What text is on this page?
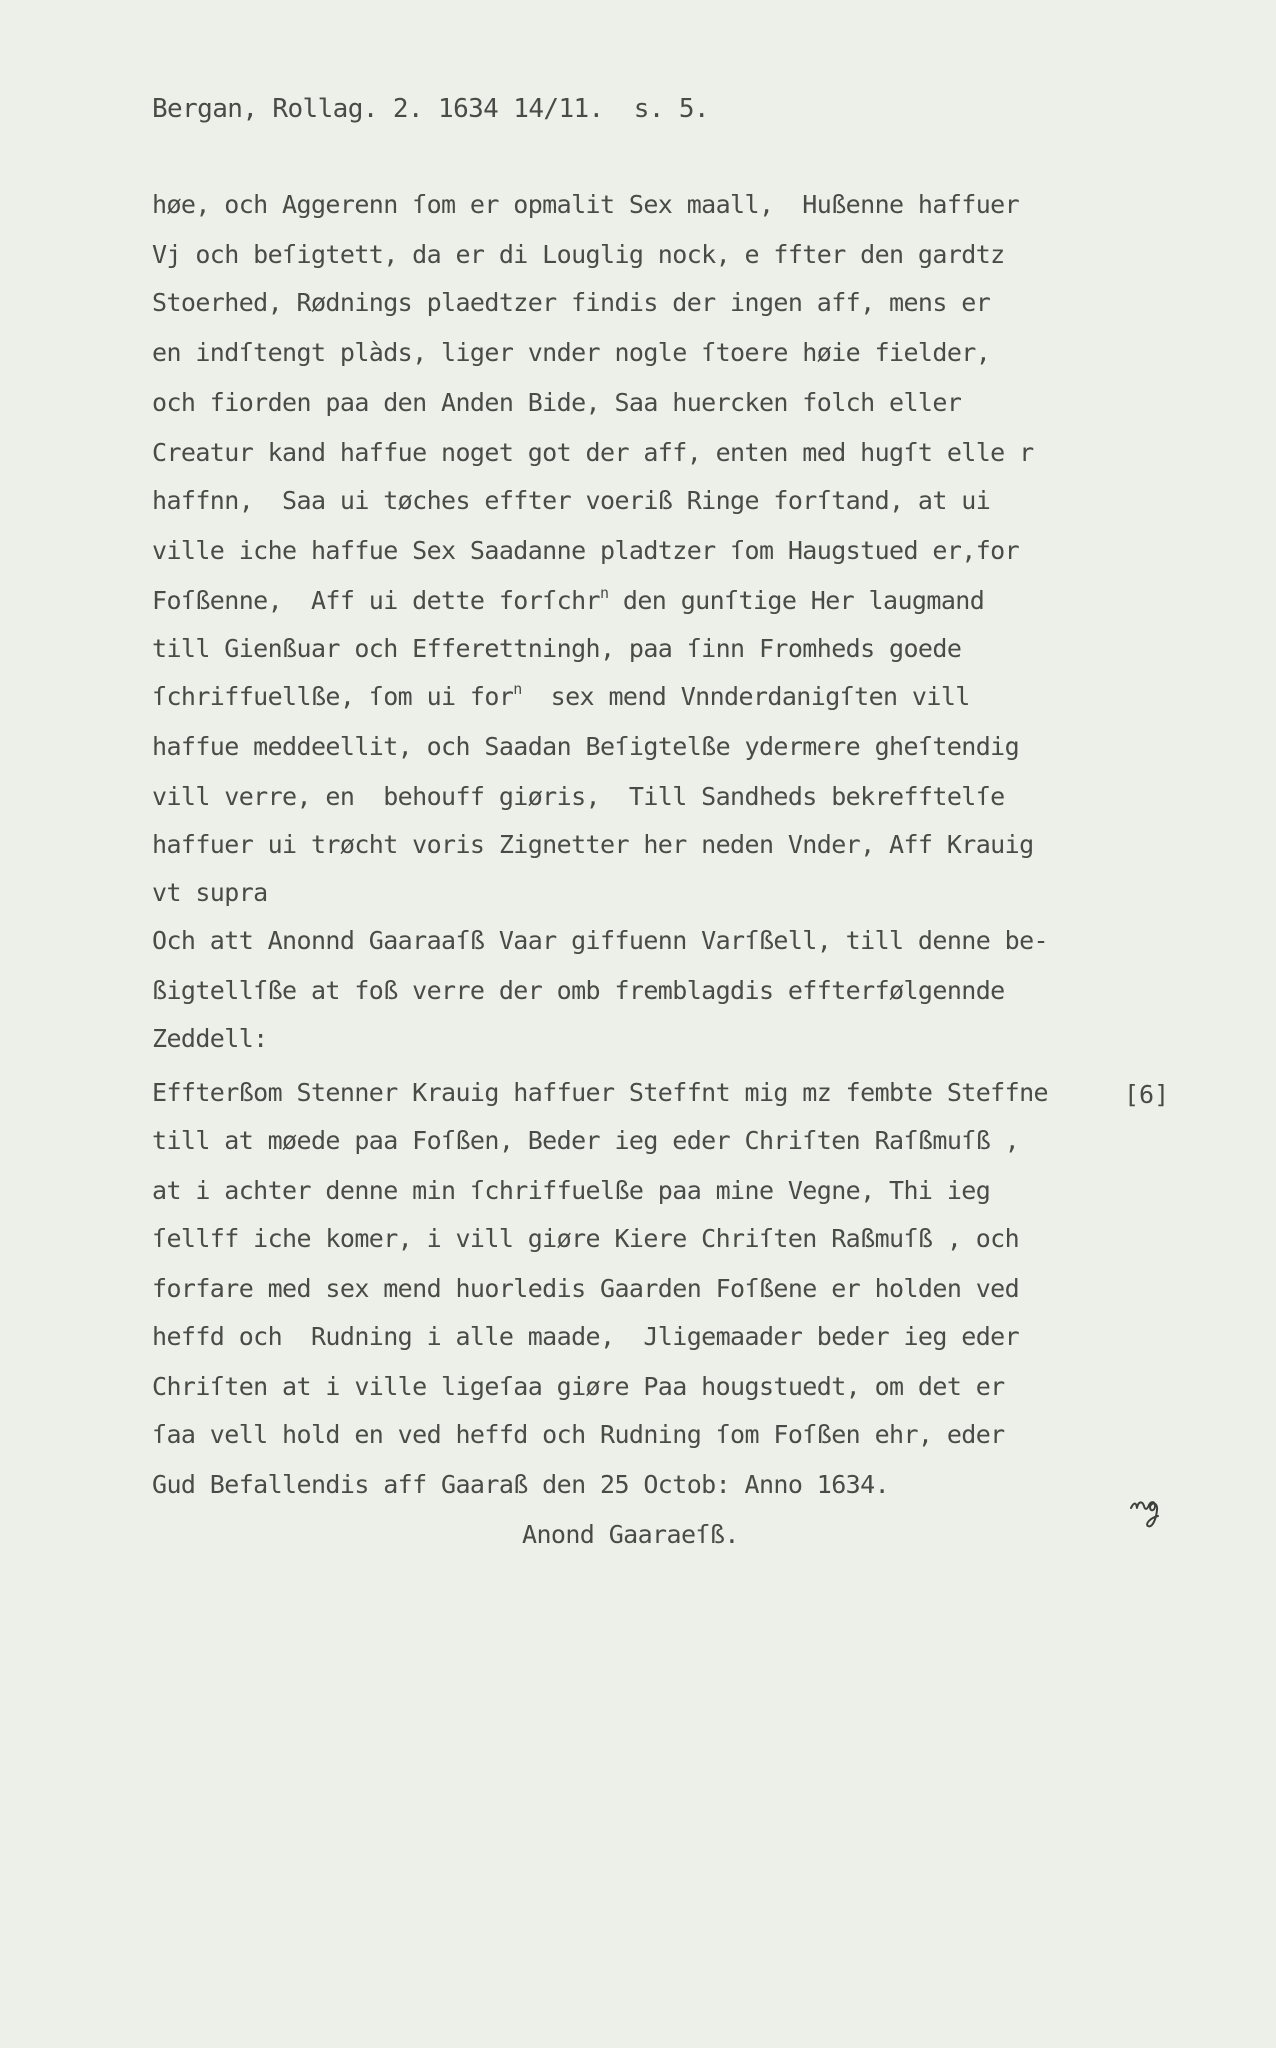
Bergan, Rollag. 2. 1634 14/11.  s. 5.

høe, och Aggerenn ſom er opmalit Sex maall,  Hußenne haffuer

Vj och beſigtett, da er di Louglig nock, e ffter den gardtz

Stoerhed, Rødnings plaedtzer findis der ingen aff, mens er

en indſtengt plàds, liger vnder nogle ſtoere høie fielder,

och fiorden paa den Anden Bide, Saa huercken folch eller

Creatur kand haffue noget got der aff, enten med hugſt elle r

haffnn,  Saa ui tøches effter voeriß Ringe forſtand, at ui

ville iche haffue Sex Saadanne pladtzer ſom Haugstued er,for

Foſßenne,  Aff ui dette forſchr$^n$ den gunſtige Her laugmand

till Gienßuar och Efferettningh, paa ſinn Fromheds goede

ſchriffuellße, ſom ui for$^n$  sex mend Vnnderdanigſten vill

haffue meddeellit, och Saadan Beſigtelße ydermere gheſtendig

vill verre, en  behouff giøris,  Till Sandheds bekrefftelſe

haffuer ui trøcht voris Zignetter her neden Vnder, Aff Krauig

vt supra

Och att Anonnd Gaaraaſß Vaar giffuenn Varſßell, till denne be-

ßigtellſße at foß verre der omb fremblagdis effterfølgennde

Zeddell:

Effterßom Stenner Krauig haffuer Steffnt mig mz fembte Steffne

till at møede paa Foſßen, Beder ieg eder Chriſten Raſßmuſß ,

at i achter denne min ſchriffuelße paa mine Vegne, Thi ieg

ſellff iche komer, i vill giøre Kiere Chriſten Raßmuſß , och

forfare med sex mend huorledis Gaarden Foſßene er holden ved

heffd och  Rudning i alle maade,  Jligemaader beder ieg eder

Chriſten at i ville ligeſaa giøre Paa hougstuedt, om det er

ſaa vell hold en ved heffd och Rudning ſom Foſßen ehr, eder

Gud Befallendis aff Gaaraß den 25 Octob: Anno 1634.

Anond Gaaraeſß.

[6]
